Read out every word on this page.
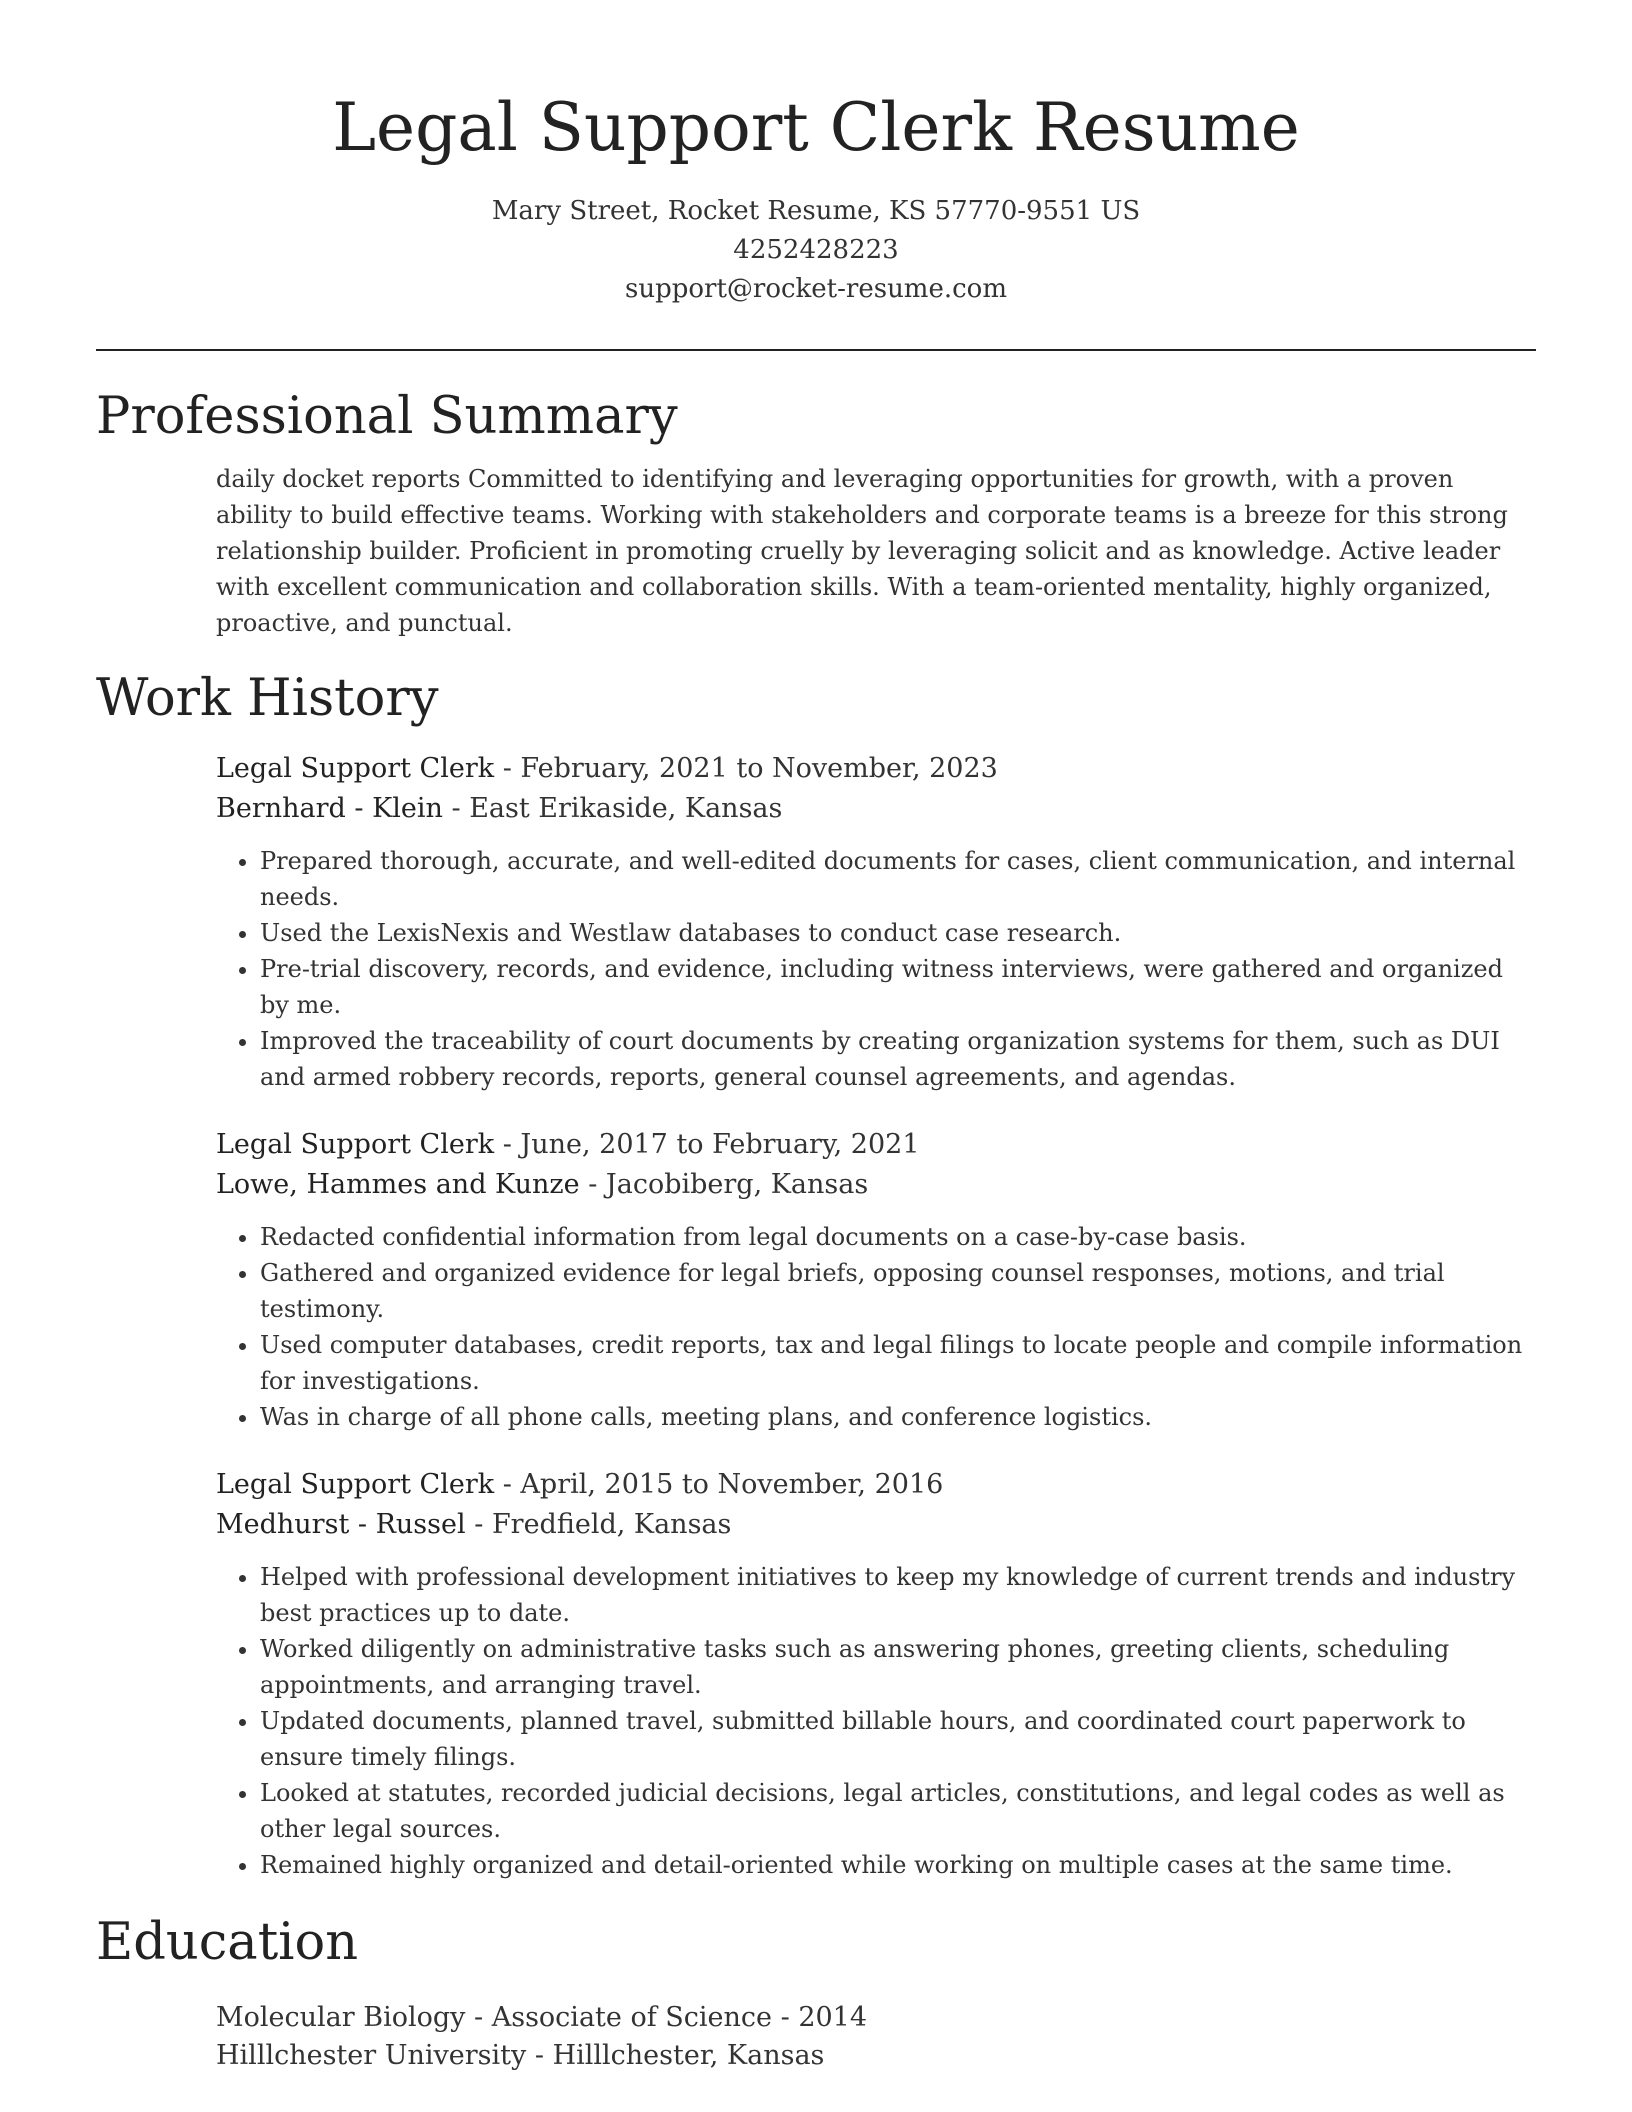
Legal Support Clerk Resume
Mary Street, Rocket Resume, KS 57770-9551 US
4252428223
support@rocket-resume.com
Professional Summary

daily docket reports Committed to identifying and leveraging opportunities for growth, with a proven ability to build effective teams. Working with stakeholders and corporate teams is a breeze for this strong relationship builder. Proficient in promoting cruelly by leveraging solicit and as knowledge. Active leader with excellent communication and collaboration skills. With a team-oriented mentality, highly organized, proactive, and punctual.

Work History
Legal Support Clerk - February, 2021 to November, 2023
Bernhard - Klein - East Erikaside, Kansas
• Prepared thorough, accurate, and well-edited documents for cases, client communication, and internal needs.
• Used the LexisNexis and Westlaw databases to conduct case research.
• Pre-trial discovery, records, and evidence, including witness interviews, were gathered and organized by me.
• Improved the traceability of court documents by creating organization systems for them, such as DUI and armed robbery records, reports, general counsel agreements, and agendas.
Legal Support Clerk - June, 2017 to February, 2021
Lowe, Hammes and Kunze - Jacobiberg, Kansas
• Redacted confidential information from legal documents on a case-by-case basis.
• Gathered and organized evidence for legal briefs, opposing counsel responses, motions, and trial testimony.
• Used computer databases, credit reports, tax and legal filings to locate people and compile information for investigations.
• Was in charge of all phone calls, meeting plans, and conference logistics.
Legal Support Clerk - April, 2015 to November, 2016
Medhurst - Russel - Fredfield, Kansas
• Helped with professional development initiatives to keep my knowledge of current trends and industry best practices up to date.
• Worked diligently on administrative tasks such as answering phones, greeting clients, scheduling appointments, and arranging travel.
• Updated documents, planned travel, submitted billable hours, and coordinated court paperwork to ensure timely filings.
• Looked at statutes, recorded judicial decisions, legal articles, constitutions, and legal codes as well as other legal sources.
• Remained highly organized and detail-oriented while working on multiple cases at the same time.
Education
Molecular Biology - Associate of Science - 2014
Hilllchester University - Hilllchester, Kansas
